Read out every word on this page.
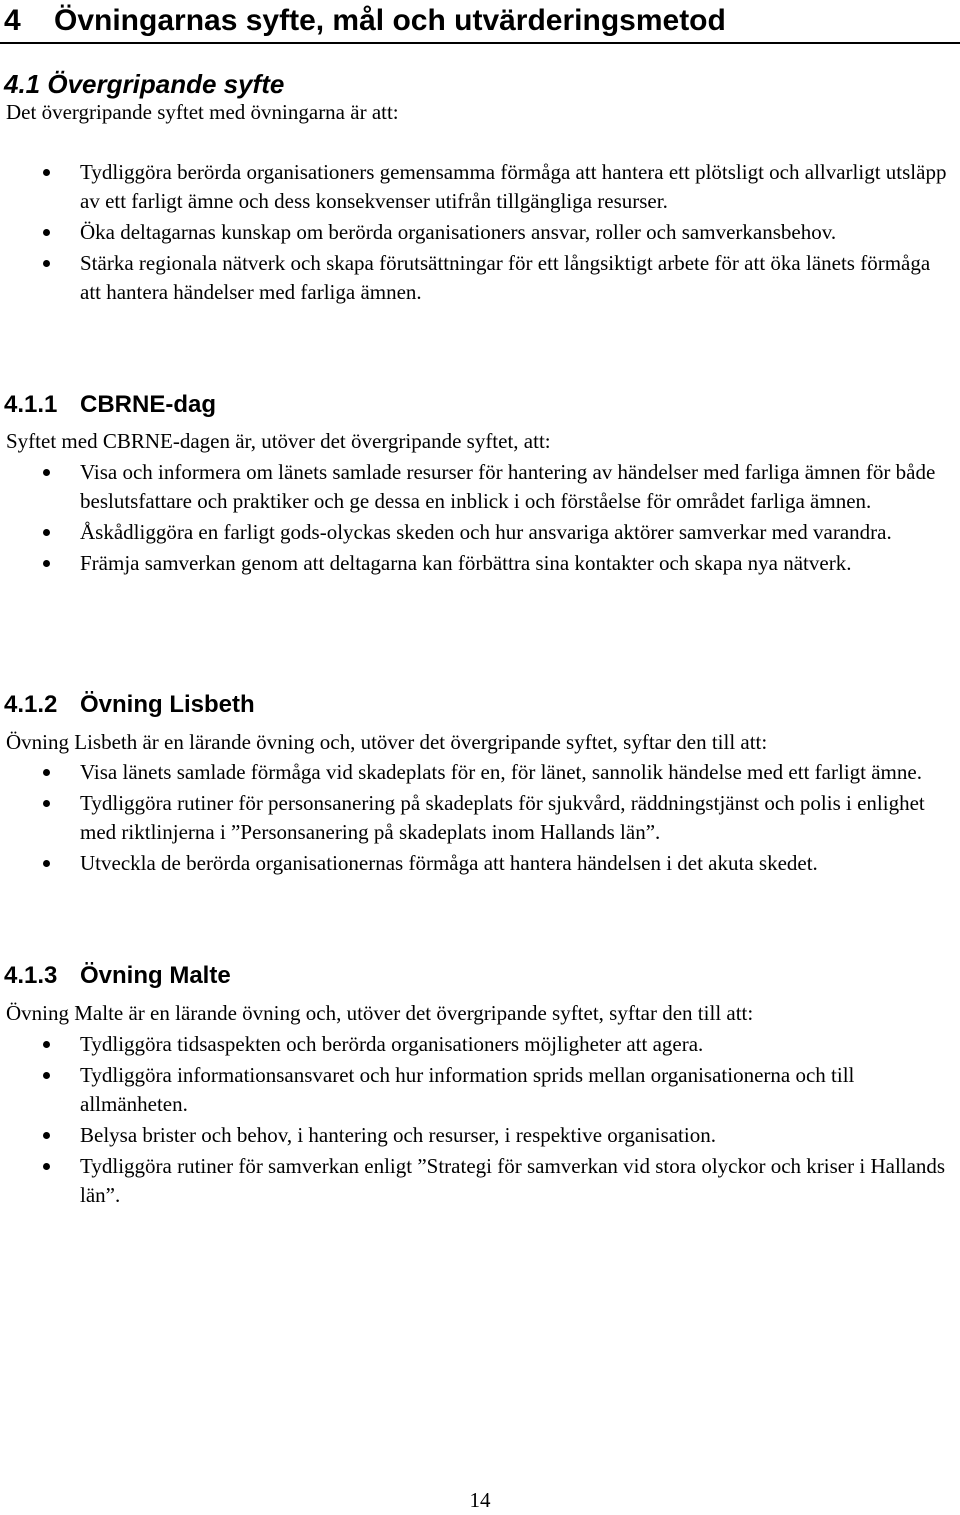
4 Övningarnas syfte, mål och utvärderingsmetod
4.1 Övergripande syfte

Det övergripande syftet med övningarna är att:

Tydliggöra berörda organisationers gemensamma förmåga att hantera ett plötsligt och allvarligt utsläpp av ett farligt ämne och dess konsekvenser utifrån tillgängliga resurser.
Öka deltagarnas kunskap om berörda organisationers ansvar, roller och samverkansbehov.
Stärka regionala nätverk och skapa förutsättningar för ett långsiktigt arbete för att öka länets förmåga att hantera händelser med farliga ämnen.
4.1.1 CBRNE-dag

Syftet med CBRNE-dagen är, utöver det övergripande syftet, att:

Visa och informera om länets samlade resurser för hantering av händelser med farliga ämnen för både beslutsfattare och praktiker och ge dessa en inblick i och förståelse för området farliga ämnen.
Åskådliggöra en farligt gods-olyckas skeden och hur ansvariga aktörer samverkar med varandra.
Främja samverkan genom att deltagarna kan förbättra sina kontakter och skapa nya nätverk.
4.1.2 Övning Lisbeth

Övning Lisbeth är en lärande övning och, utöver det övergripande syftet, syftar den till att:

Visa länets samlade förmåga vid skadeplats för en, för länet, sannolik händelse med ett farligt ämne.
Tydliggöra rutiner för personsanering på skadeplats för sjukvård, räddningstjänst och polis i enlighet med riktlinjerna i ”Personsanering på skadeplats inom Hallands län”.
Utveckla de berörda organisationernas förmåga att hantera händelsen i det akuta skedet.
4.1.3 Övning Malte

Övning Malte är en lärande övning och, utöver det övergripande syftet, syftar den till att:

Tydliggöra tidsaspekten och berörda organisationers möjligheter att agera.
Tydliggöra informationsansvaret och hur information sprids mellan organisationerna och till allmänheten.
Belysa brister och behov, i hantering och resurser, i respektive organisation.
Tydliggöra rutiner för samverkan enligt ”Strategi för samverkan vid stora olyckor och kriser i Hallands län”.
14
